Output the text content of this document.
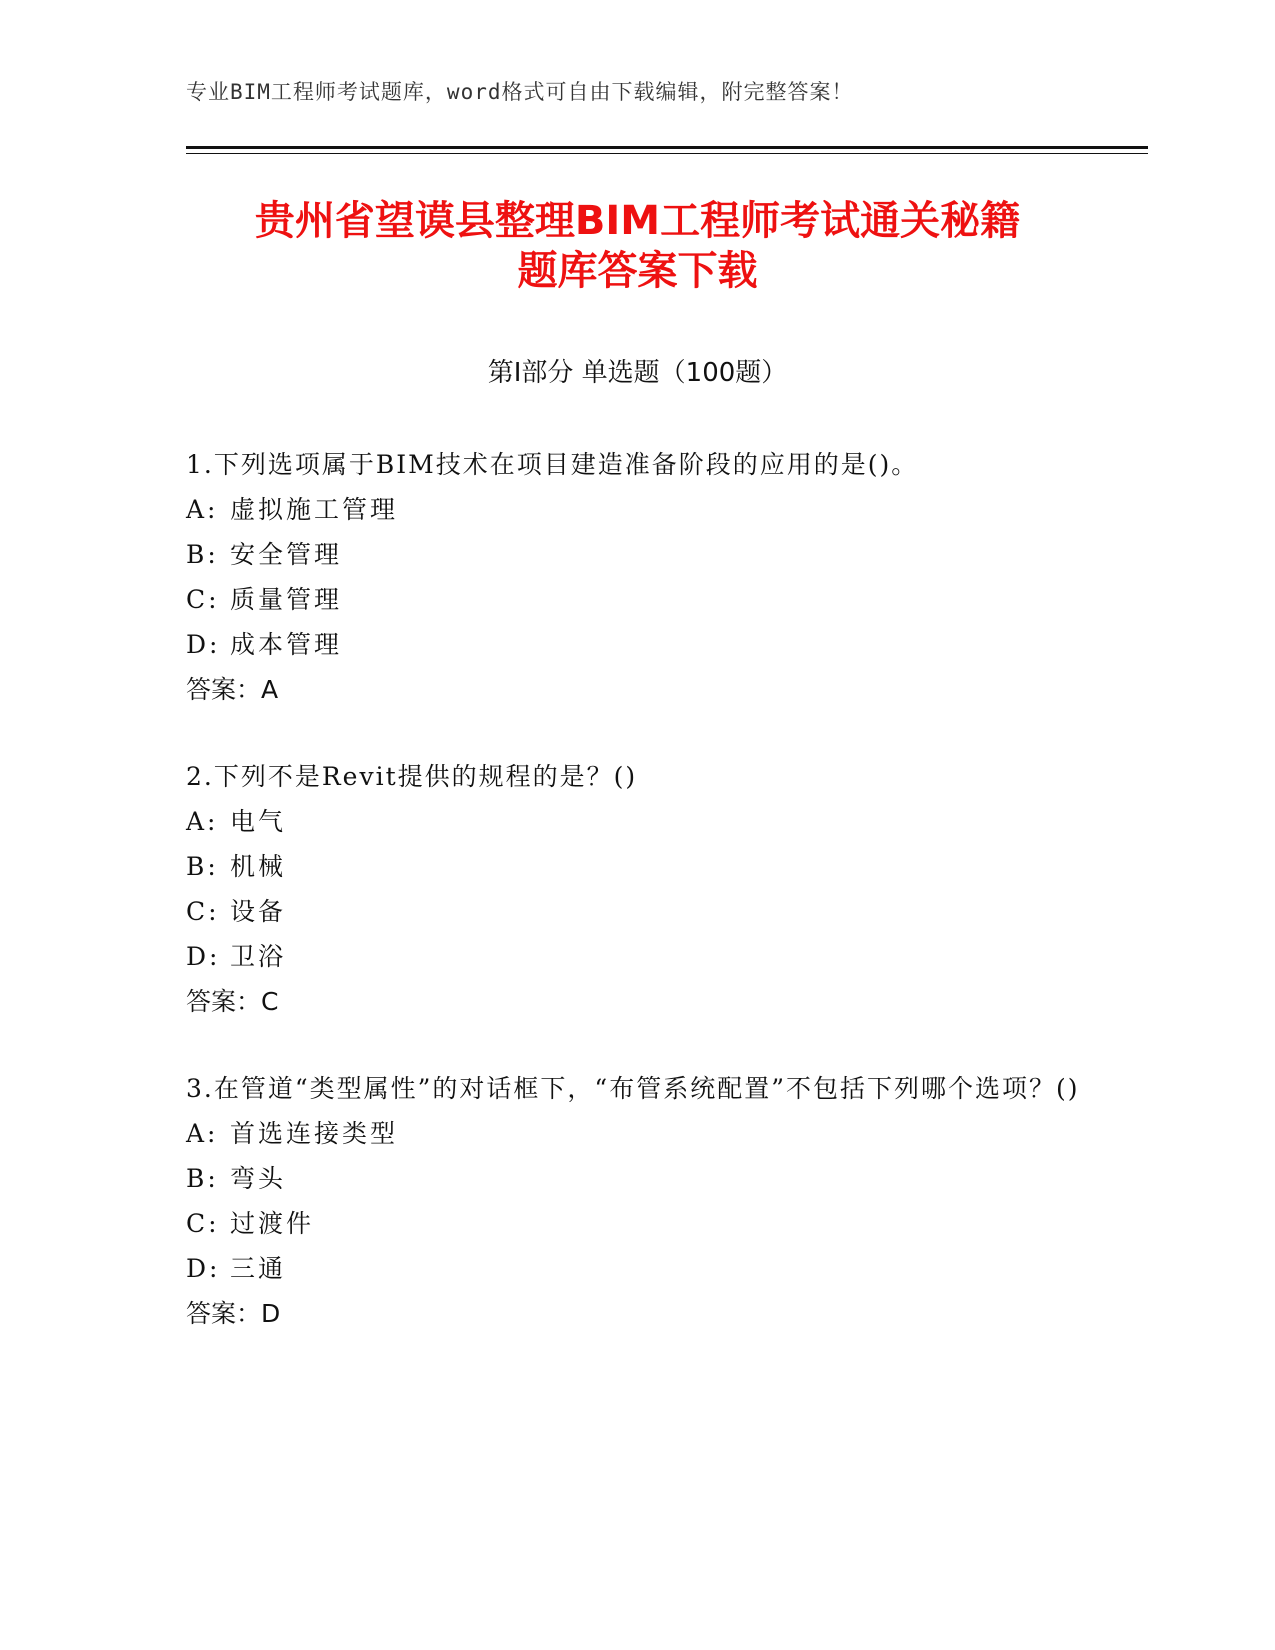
专业BIM工程师考试题库，word格式可自由下载编辑，附完整答案！
贵州省望谟县整理BIM工程师考试通关秘籍
题库答案下载
第Ⅰ部分 单选题（100题）
1.下列选项属于BIM技术在项目建造准备阶段的应用的是()。
A: 虚拟施工管理
B: 安全管理
C: 质量管理
D: 成本管理
答案：A
2.下列不是Revit提供的规程的是？()
A: 电气
B: 机械
C: 设备
D: 卫浴
答案：C
3.在管道“类型属性”的对话框下，“布管系统配置”不包括下列哪个选项？()
A: 首选连接类型
B: 弯头
C: 过渡件
D: 三通
答案：D
